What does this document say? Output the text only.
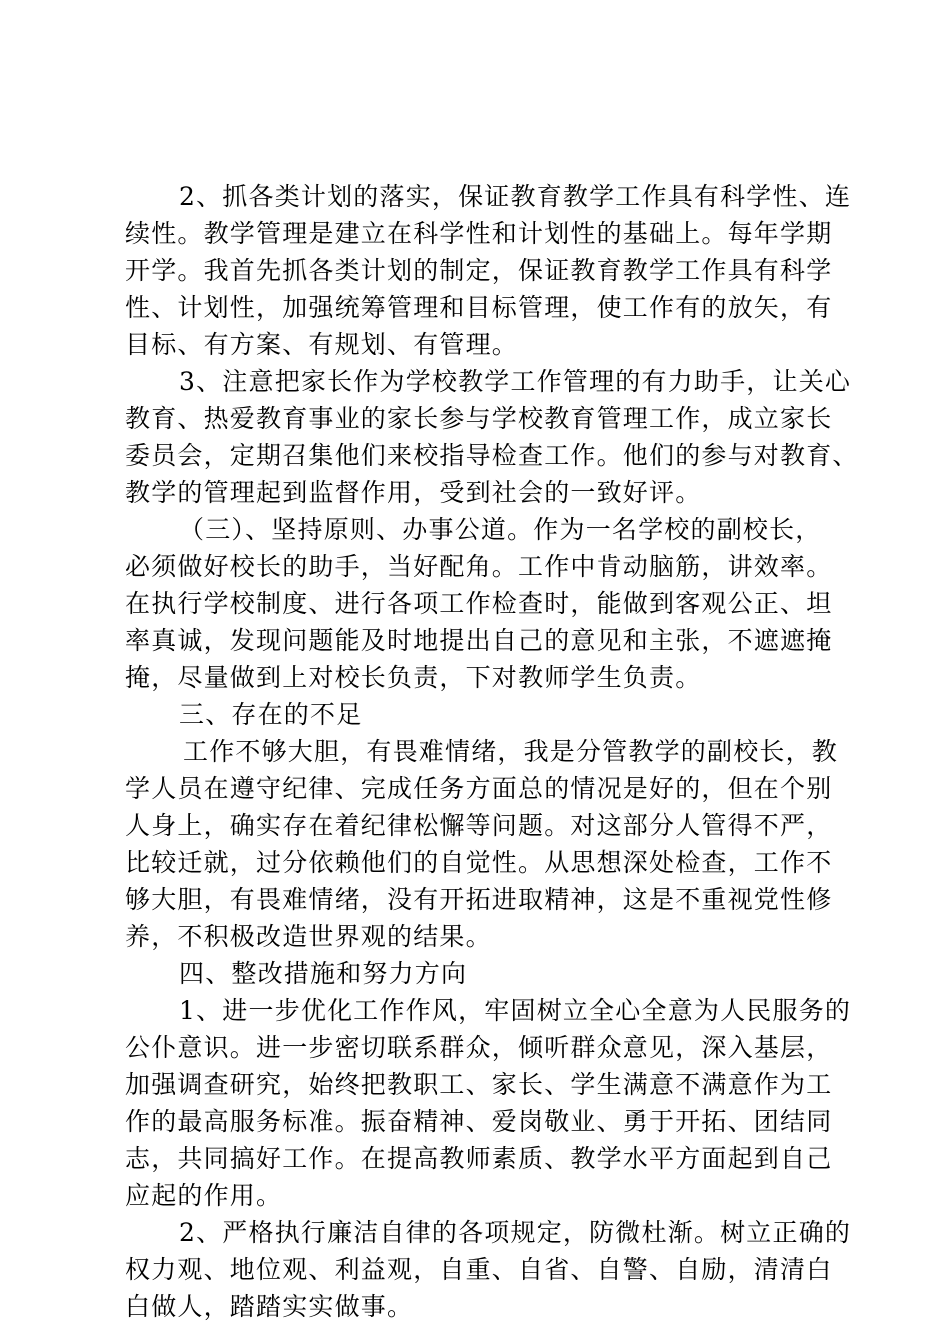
2、抓各类计划的落实，保证教育教学工作具有科学性、连
续性。教学管理是建立在科学性和计划性的基础上。每年学期
开学。我首先抓各类计划的制定，保证教育教学工作具有科学
性、计划性，加强统筹管理和目标管理，使工作有的放矢，有
目标、有方案、有规划、有管理。
3、注意把家长作为学校教学工作管理的有力助手，让关心
教育、热爱教育事业的家长参与学校教育管理工作，成立家长
委员会，定期召集他们来校指导检查工作。他们的参与对教育、
教学的管理起到监督作用，受到社会的一致好评。
（三）、坚持原则、办事公道。作为一名学校的副校长，
必须做好校长的助手，当好配角。工作中肯动脑筋，讲效率。
在执行学校制度、进行各项工作检查时，能做到客观公正、坦
率真诚，发现问题能及时地提出自己的意见和主张，不遮遮掩
掩，尽量做到上对校长负责，下对教师学生负责。
三、存在的不足
工作不够大胆，有畏难情绪，我是分管教学的副校长，教
学人员在遵守纪律、完成任务方面总的情况是好的，但在个别
人身上，确实存在着纪律松懈等问题。对这部分人管得不严，
比较迁就，过分依赖他们的自觉性。从思想深处检查，工作不
够大胆，有畏难情绪，没有开拓进取精神，这是不重视党性修
养，不积极改造世界观的结果。
四、整改措施和努力方向
1、进一步优化工作作风，牢固树立全心全意为人民服务的
公仆意识。进一步密切联系群众，倾听群众意见，深入基层，
加强调查研究，始终把教职工、家长、学生满意不满意作为工
作的最高服务标准。振奋精神、爱岗敬业、勇于开拓、团结同
志，共同搞好工作。在提高教师素质、教学水平方面起到自己
应起的作用。
2、严格执行廉洁自律的各项规定，防微杜渐。树立正确的
权力观、地位观、利益观，自重、自省、自警、自励，清清白
白做人，踏踏实实做事。
